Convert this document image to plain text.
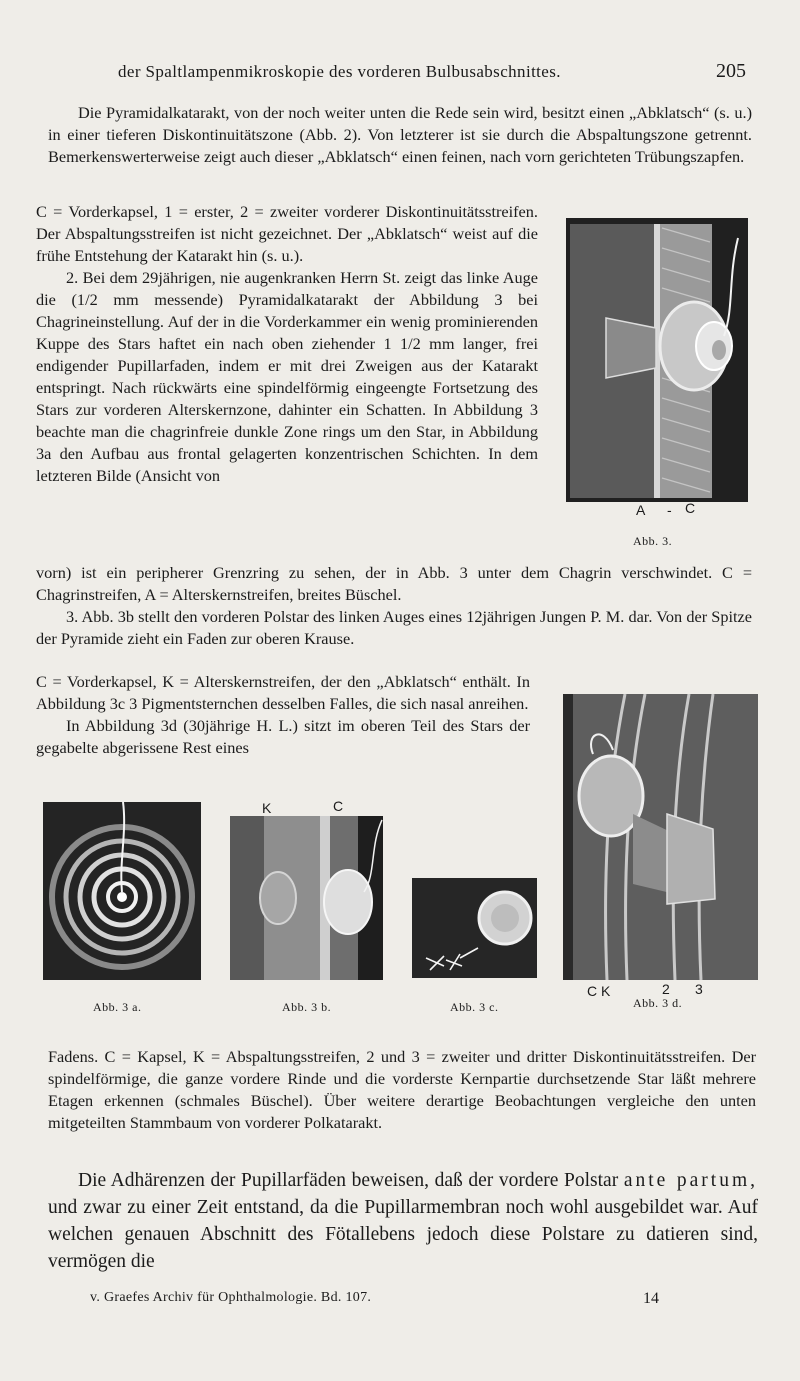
der Spaltlampenmikroskopie des vorderen Bulbusabschnittes.	205

Die Pyramidalkatarakt, von der noch weiter unten die Rede sein wird, besitzt einen „Abklatsch“ (s. u.) in einer tieferen Diskontinuitätszone (Abb. 2). Von letzterer ist sie durch die Abspaltungszone getrennt. Bemerkenswerterweise zeigt auch dieser „Abklatsch“ einen feinen, nach vorn gerichteten Trübungszapfen.

C = Vorderkapsel, 1 = erster, 2 = zweiter vorderer Diskontinuitätsstreifen. Der Abspaltungsstreifen ist nicht gezeichnet. Der „Abklatsch“ weist auf die frühe Entstehung der Katarakt hin (s. u.).

2. Bei dem 29jährigen, nie augenkranken Herrn St. zeigt das linke Auge die (1/2 mm messende) Pyramidalkatarakt der Abbildung 3 bei Chagrineinstellung. Auf der in die Vorderkammer ein wenig prominierenden Kuppe des Stars haftet ein nach oben ziehender 1 1/2 mm langer, frei endigender Pupillarfaden, indem er mit drei Zweigen aus der Katarakt entspringt. Nach rückwärts eine spindelförmig eingeengte Fortsetzung des Stars zur vorderen Alterskernzone, dahinter ein Schatten. In Abbildung 3 beachte man die chagrinfreie dunkle Zone rings um den Star, in Abbildung 3a den Aufbau aus frontal gelagerten konzentrischen Schichten. In dem letzteren Bilde (Ansicht von

A - C
Abb. 3.

vorn) ist ein peripherer Grenzring zu sehen, der in Abb. 3 unter dem Chagrin verschwindet. C = Chagrinstreifen, A = Alterskernstreifen, breites Büschel.

3. Abb. 3b stellt den vorderen Polstar des linken Auges eines 12jährigen Jungen P. M. dar. Von der Spitze der Pyramide zieht ein Faden zur oberen Krause.

C = Vorderkapsel, K = Alterskernstreifen, der den „Abklatsch“ enthält. In Abbildung 3c 3 Pigmentsternchen desselben Falles, die sich nasal anreihen.

In Abbildung 3d (30jährige H. L.) sitzt im oberen Teil des Stars der gegabelte abgerissene Rest eines

C K	2 3
Abb. 3 d.
Abb. 3 a.
K	C
Abb. 3 b.	Abb. 3 c.

Fadens. C = Kapsel, K = Abspaltungsstreifen, 2 und 3 = zweiter und dritter Diskontinuitätsstreifen. Der spindelförmige, die ganze vordere Rinde und die vorderste Kernpartie durchsetzende Star läßt mehrere Etagen erkennen (schmales Büschel). Über weitere derartige Beobachtungen vergleiche den unten mitgeteilten Stammbaum von vorderer Polkatarakt.

Die Adhärenzen der Pupillarfäden beweisen, daß der vordere Polstar ante partum, und zwar zu einer Zeit entstand, da die Pupillarmembran noch wohl ausgebildet war. Auf welchen genauen Abschnitt des Fötallebens jedoch diese Polstare zu datieren sind, vermögen die

v. Graefes Archiv für Ophthalmologie. Bd. 107.	14
